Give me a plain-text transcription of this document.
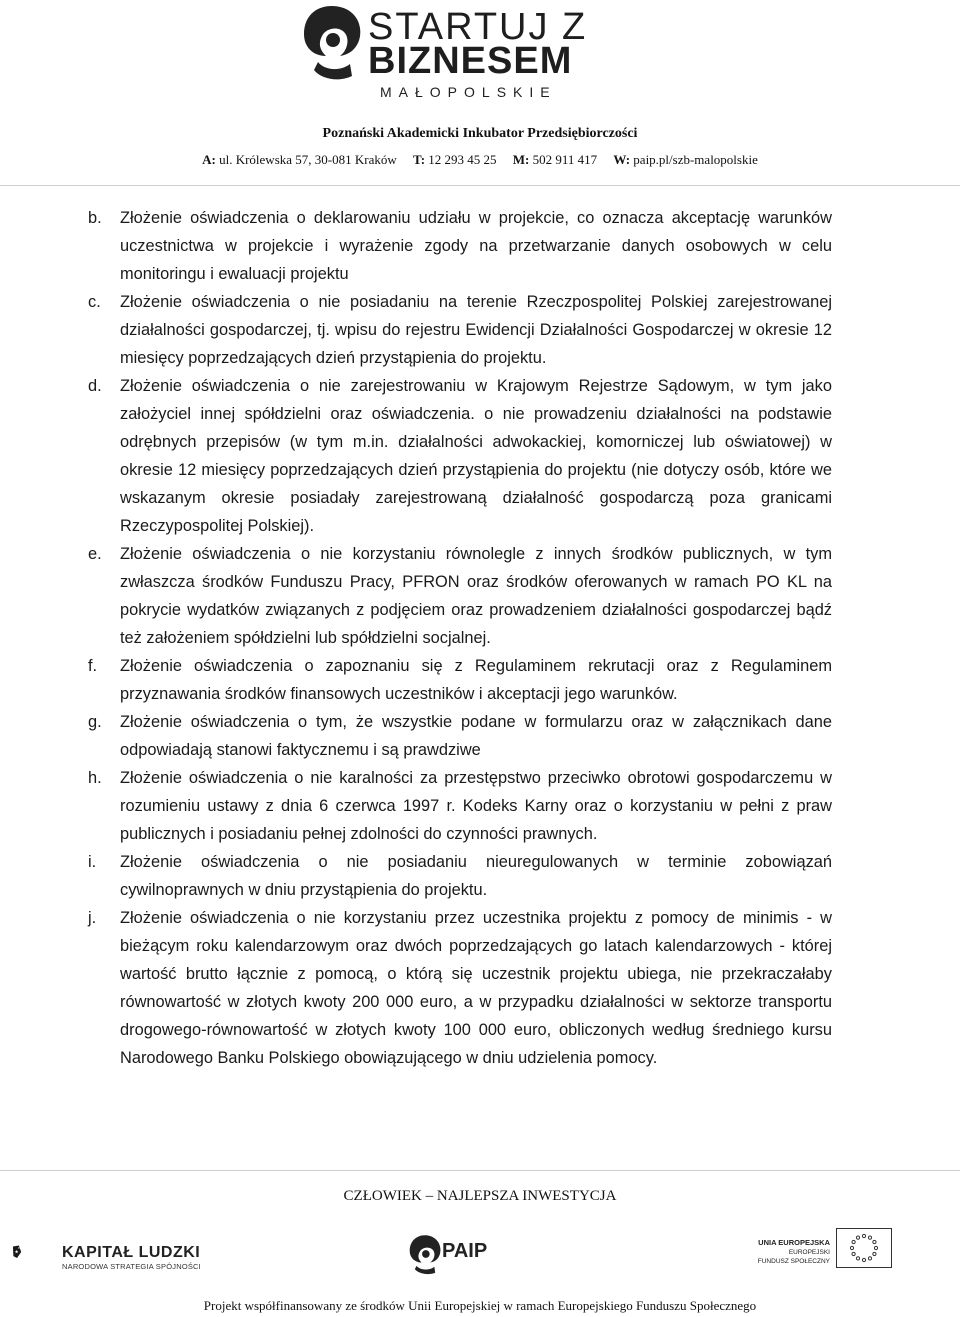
STARTUJ Z
BIZNESEM
MAŁOPOLSKIE
Poznański Akademicki Inkubator Przedsiębiorczości
A: ul. Królewska 57, 30-081 Kraków T: 12 293 45 25 M: 502 911 417 W: paip.pl/szb-malopolskie
b. Złożenie oświadczenia o deklarowaniu udziału w projekcie, co oznacza akceptację warunków uczestnictwa w projekcie i wyrażenie zgody na przetwarzanie danych osobowych w celu monitoringu i ewaluacji projektu
c. Złożenie oświadczenia o nie posiadaniu na terenie Rzeczpospolitej Polskiej zarejestrowanej działalności gospodarczej, tj. wpisu do rejestru Ewidencji Działalności Gospodarczej w okresie 12 miesięcy poprzedzających dzień przystąpienia do projektu.
d. Złożenie oświadczenia o nie zarejestrowaniu w Krajowym Rejestrze Sądowym, w tym jako założyciel innej spółdzielni oraz oświadczenia. o nie prowadzeniu działalności na podstawie odrębnych przepisów (w tym m.in. działalności adwokackiej, komorniczej lub oświatowej) w okresie 12 miesięcy poprzedzających dzień przystąpienia do projektu (nie dotyczy osób, które we wskazanym okresie posiadały zarejestrowaną działalność gospodarczą poza granicami Rzeczypospolitej Polskiej).
e. Złożenie oświadczenia o nie korzystaniu równolegle z innych środków publicznych, w tym zwłaszcza środków Funduszu Pracy, PFRON oraz środków oferowanych w ramach PO KL na pokrycie wydatków związanych z podjęciem oraz prowadzeniem działalności gospodarczej bądź też założeniem spółdzielni lub spółdzielni socjalnej.
f. Złożenie oświadczenia o zapoznaniu się z Regulaminem rekrutacji oraz z Regulaminem przyznawania środków finansowych uczestników i akceptacji jego warunków.
g. Złożenie oświadczenia o tym, że wszystkie podane w formularzu oraz w załącznikach dane odpowiadają stanowi faktycznemu i są prawdziwe
h. Złożenie oświadczenia o nie karalności za przestępstwo przeciwko obrotowi gospodarczemu w rozumieniu ustawy z dnia 6 czerwca 1997 r. Kodeks Karny oraz o korzystaniu w pełni z praw publicznych i posiadaniu pełnej zdolności do czynności prawnych.
i. Złożenie oświadczenia o nie posiadaniu nieuregulowanych w terminie zobowiązań cywilnoprawnych w dniu przystąpienia do projektu.
j. Złożenie oświadczenia o nie korzystaniu przez uczestnika projektu z pomocy de minimis - w bieżącym roku kalendarzowym oraz dwóch poprzedzających go latach kalendarzowych - której wartość brutto łącznie z pomocą, o którą się uczestnik projektu ubiega, nie przekraczałaby równowartość w złotych kwoty 200 000 euro, a w przypadku działalności w sektorze transportu drogowego-równowartość w złotych kwoty 100 000 euro, obliczonych według średniego kursu Narodowego Banku Polskiego obowiązującego w dniu udzielenia pomocy.
CZŁOWIEK – NAJLEPSZA INWESTYCJA
KAPITAŁ LUDZKI
NARODOWA STRATEGIA SPÓJNOŚCI
PAIP	UNIA EUROPEJSKA
EUROPEJSKI
FUNDUSZ SPOŁECZNY
Projekt współfinansowany ze środków Unii Europejskiej w ramach Europejskiego Funduszu Społecznego
